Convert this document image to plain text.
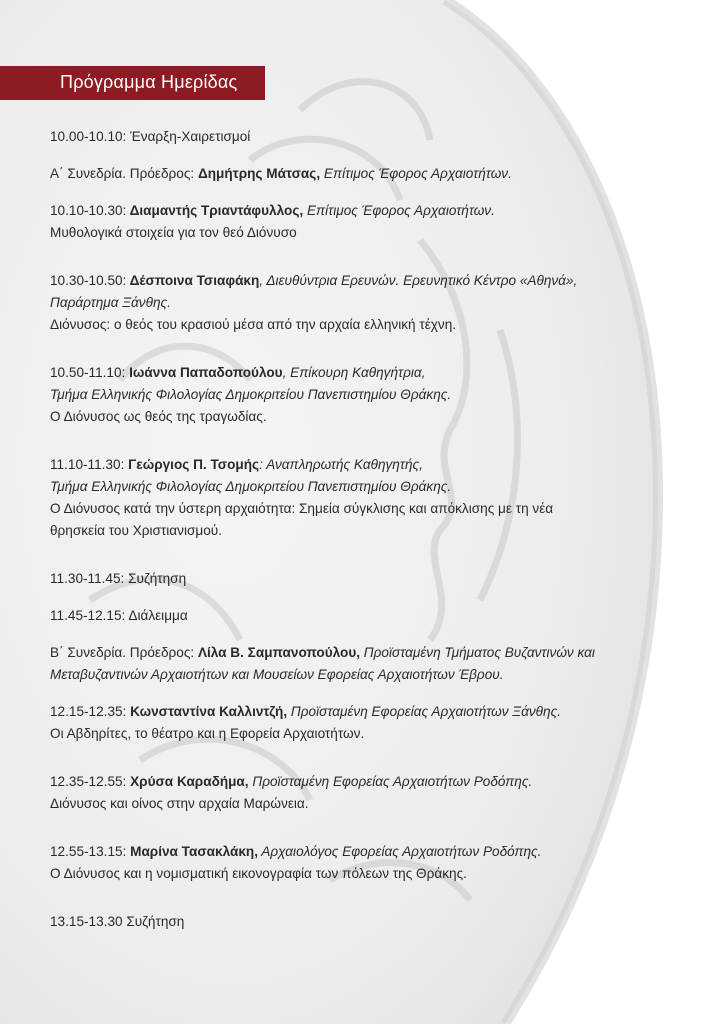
Πρόγραμμα Ημερίδας
10.00-10.10: Έναρξη-Χαιρετισμοί
Α΄ Συνεδρία. Πρόεδρος: Δημήτρης Μάτσας, Επίτιμος Έφορος Αρχαιοτήτων.
10.10-10.30: Διαμαντής Τριαντάφυλλος, Επίτιμος Έφορος Αρχαιοτήτων.
Μυθολογικά στοιχεία για τον θεό Διόνυσο
10.30-10.50: Δέσποινα Τσιαφάκη, Διευθύντρια Ερευνών. Ερευνητικό Κέντρο «Αθηνά»,
Παράρτημα Ξάνθης.
Διόνυσος: ο θεός του κρασιού μέσα από την αρχαία ελληνική τέχνη.
10.50-11.10: Ιωάννα Παπαδοπούλου, Επίκουρη Καθηγήτρια,
Τμήμα Ελληνικής Φιλολογίας Δημοκριτείου Πανεπιστημίου Θράκης.
Ο Διόνυσος ως θεός της τραγωδίας.
11.10-11.30: Γεώργιος Π. Τσομής: Αναπληρωτής Καθηγητής,
Τμήμα Ελληνικής Φιλολογίας Δημοκριτείου Πανεπιστημίου Θράκης.
Ο Διόνυσος κατά την ύστερη αρχαιότητα: Σημεία σύγκλισης και απόκλισης με τη νέα
θρησκεία του Χριστιανισμού.
11.30-11.45: Συζήτηση
11.45-12.15: Διάλειμμα
Β΄ Συνεδρία. Πρόεδρος: Λίλα Β. Σαμπανοπούλου, Προϊσταμένη Τμήματος Βυζαντινών και
Μεταβυζαντινών Αρχαιοτήτων και Μουσείων Εφορείας Αρχαιοτήτων Έβρου.
12.15-12.35: Κωνσταντίνα Καλλιντζή, Προϊσταμένη Εφορείας Αρχαιοτήτων Ξάνθης.
Οι Αβδηρίτες, το θέατρο και η Εφορεία Αρχαιοτήτων.
12.35-12.55: Χρύσα Καραδήμα, Προϊσταμένη Εφορείας Αρχαιοτήτων Ροδόπης.
Διόνυσος και οίνος στην αρχαία Μαρώνεια.
12.55-13.15: Μαρίνα Τασακλάκη, Αρχαιολόγος Εφορείας Αρχαιοτήτων Ροδόπης.
Ο Διόνυσος και η νομισματική εικονογραφία των πόλεων της Θράκης.
13.15-13.30 Συζήτηση
